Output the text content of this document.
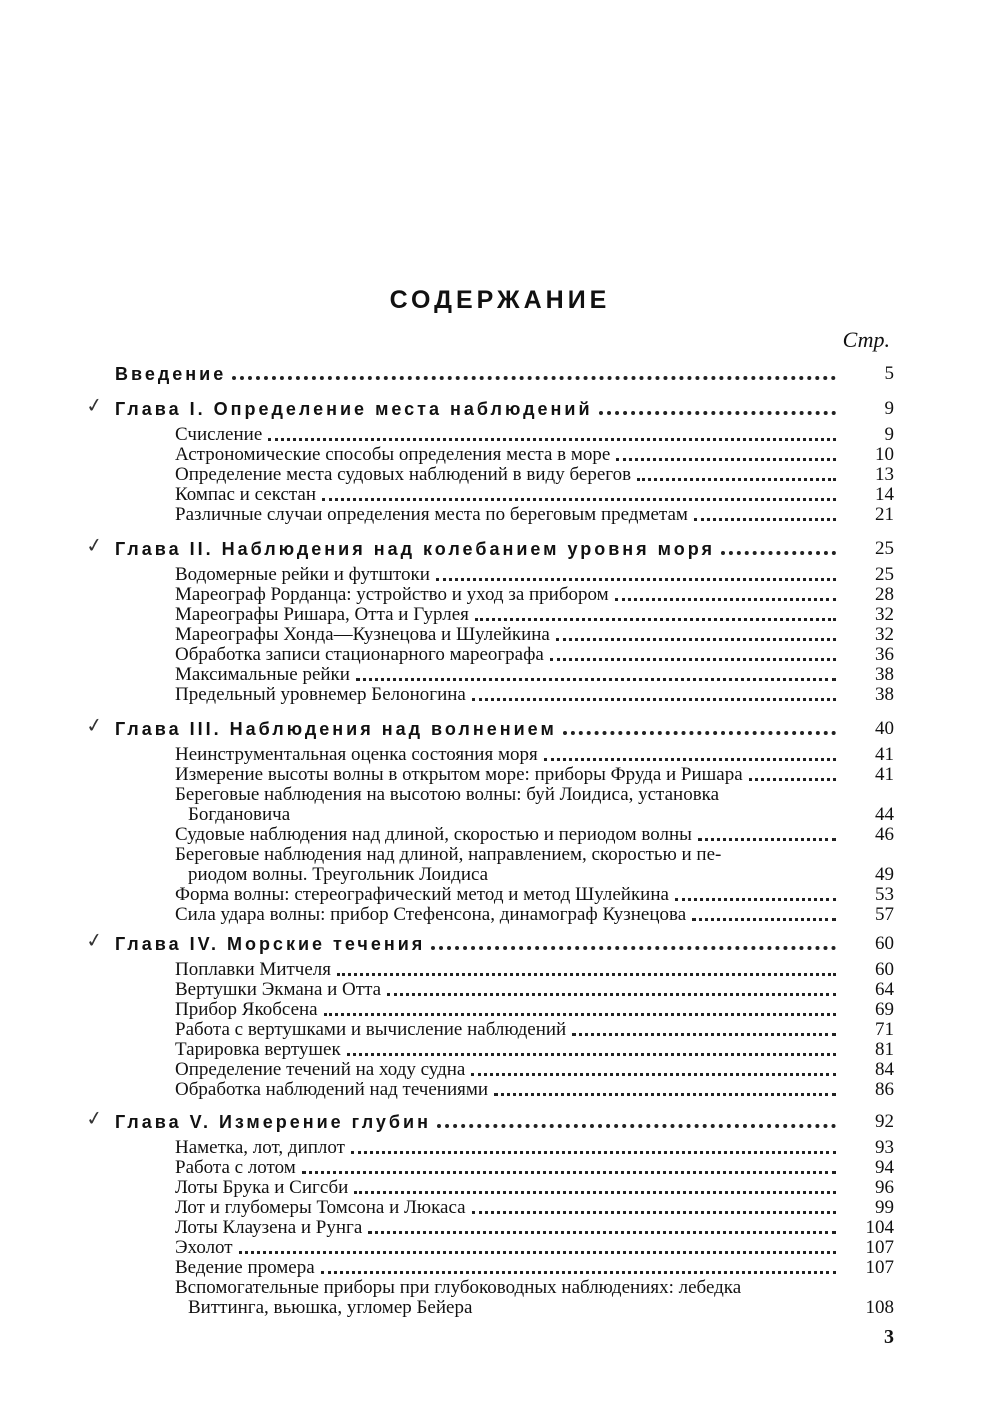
СОДЕРЖАНИЕ
Стр.
Введение	5
✓ Глава I. Определение места наблюдений	9
Счисление	9
Астрономические способы определения места в море	10
Определение места судовых наблюдений в виду берегов	13
Компас и секстан	14
Различные случаи определения места по береговым предметам	21
✓ Глава II. Наблюдения над колебанием уровня моря	25
Водомерные рейки и футштоки	25
Мареограф Рорданца: устройство и уход за прибором	28
Мареографы Ришара, Отта и Гурлея	32
Мареографы Хонда—Кузнецова и Шулейкина	32
Обработка записи стационарного мареографа	36
Максимальные рейки	38
Предельный уровнемер Белоногина	38
✓ Глава III. Наблюдения над волнением	40
Неинструментальная оценка состояния моря	41
Измерение высоты волны в открытом море: приборы Фруда и Ришара	41
Береговые наблюдения на высотою волны: буй Лоидиса, установка
Богдановича	44
Судовые наблюдения над длиной, скоростью и периодом волны	46
Береговые наблюдения над длиной, направлением, скоростью и пе-
риодом волны. Треугольник Лоидиса	49
Форма волны: стереографический метод и метод Шулейкина	53
Сила удара волны: прибор Стефенсона, динамограф Кузнецова	57
✓ Глава IV. Морские течения	60
Поплавки Митчеля	60
Вертушки Экмана и Отта	64
Прибор Якобсена	69
Работа с вертушками и вычисление наблюдений	71
Тарировка вертушек	81
Определение течений на ходу судна	84
Обработка наблюдений над течениями	86
✓ Глава V. Измерение глубин	92
Наметка, лот, диплот	93
Работа с лотом	94
Лоты Брука и Сигсби	96
Лот и глубомеры Томсона и Люкаса	99
Лоты Клаузена и Рунга	104
Эхолот	107
Ведение промера	107
Вспомогательные приборы при глубоководных наблюдениях: лебедка
Виттинга, вьюшка, угломер Бейера	108
3
